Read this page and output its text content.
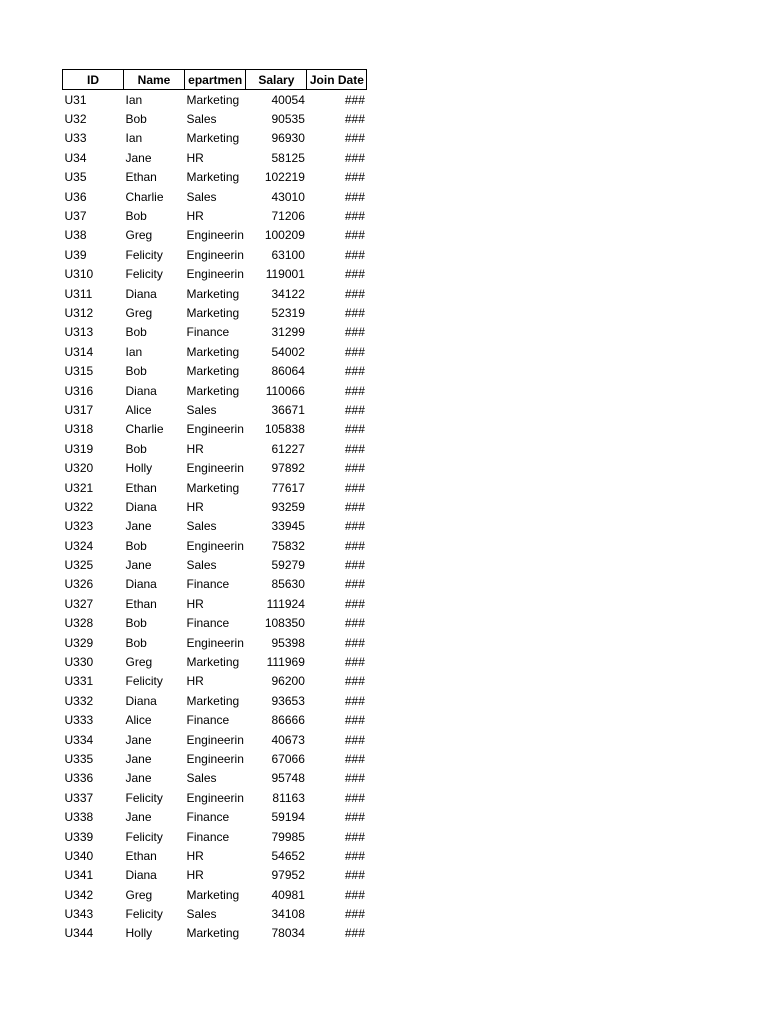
ID	Name	epartmen	Salary	Join Date
U31	Ian	Marketing	40054	###
U32	Bob	Sales	90535	###
U33	Ian	Marketing	96930	###
U34	Jane	HR	58125	###
U35	Ethan	Marketing	102219	###
U36	Charlie	Sales	43010	###
U37	Bob	HR	71206	###
U38	Greg	Engineerin	100209	###
U39	Felicity	Engineerin	63100	###
U310	Felicity	Engineerin	119001	###
U311	Diana	Marketing	34122	###
U312	Greg	Marketing	52319	###
U313	Bob	Finance	31299	###
U314	Ian	Marketing	54002	###
U315	Bob	Marketing	86064	###
U316	Diana	Marketing	110066	###
U317	Alice	Sales	36671	###
U318	Charlie	Engineerin	105838	###
U319	Bob	HR	61227	###
U320	Holly	Engineerin	97892	###
U321	Ethan	Marketing	77617	###
U322	Diana	HR	93259	###
U323	Jane	Sales	33945	###
U324	Bob	Engineerin	75832	###
U325	Jane	Sales	59279	###
U326	Diana	Finance	85630	###
U327	Ethan	HR	111924	###
U328	Bob	Finance	108350	###
U329	Bob	Engineerin	95398	###
U330	Greg	Marketing	111969	###
U331	Felicity	HR	96200	###
U332	Diana	Marketing	93653	###
U333	Alice	Finance	86666	###
U334	Jane	Engineerin	40673	###
U335	Jane	Engineerin	67066	###
U336	Jane	Sales	95748	###
U337	Felicity	Engineerin	81163	###
U338	Jane	Finance	59194	###
U339	Felicity	Finance	79985	###
U340	Ethan	HR	54652	###
U341	Diana	HR	97952	###
U342	Greg	Marketing	40981	###
U343	Felicity	Sales	34108	###
U344	Holly	Marketing	78034	###
